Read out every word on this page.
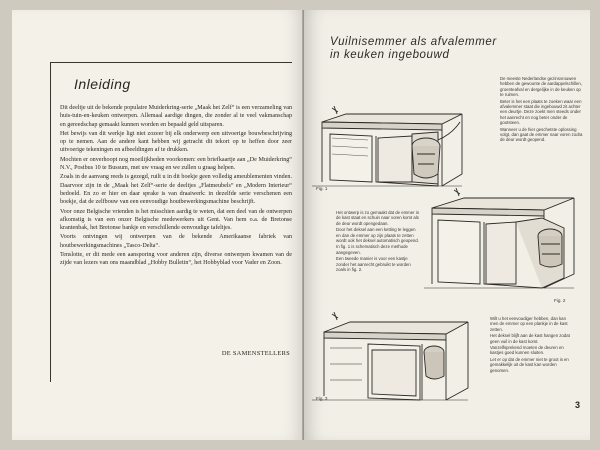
Inleiding

Dit deeltje uit de bekende populaire Muiderkring-serie „Maak het Zelf“ is een verzameling van huis-tuin-en-keuken ontwerpen. Allemaal aardige dingen, die zonder al te veel vakmanschap en gereedschap gemaakt kunnen worden en bepaald geld uitsparen.

Het bewijs van dit werkje ligt niet zozeer bij elk onderwerp een uitvoerige bouwbeschrijving op te nemen. Aan de andere kant hebben wij getracht dit tekort op te heffen door zeer uitvoerige tekeningen en afbeeldingen af te drukken.

Mochten er onverhoopt nog moeilijkheden voorkomen: een briefkaartje aan „De Muiderkring“ N.V., Postbus 10 te Bussum, met uw vraag en we zullen u graag helpen.

Zoals in de aanvang reeds is gezegd, ruilt u in dit boekje geen volledig ameublementen vinden. Daarvoor zijn in de „Maak het Zelf“-serie de deeltjes „Flatmeubels“ en „Modern Interieur“ bedoeld. En zo er hier en daar sprake is van draaiwerk: in dezelfde serie verschenen een boekje, dat de zelfbouw van een eenvoudige houtbewerkingsmachine beschrijft.

Voor onze Belgische vrienden is het misschien aardig te weten, dat een deel van de ontwerpen afkomstig is van een onzer Belgische medewerkers uit Gent. Van hem o.a. de Bretonse krantenbak, het Bretonse bankje en verschillende eenvoudige tafeltjes.

Voorts ontvingen wij ontwerpen van de bekende Amerikaanse fabriek van houtbewerkingsmachines „Tasco-Delta“.

Tenslotte, er dit mede een aansporing voor anderen zijn, diverse ontwerpen kwamen van de zijde van lezers van ons maandblad „Hobby Bulletin“, het Hobbyblad voor Vader en Zoon.

DE SAMENSTELLERS
Vuilnisemmer als afvalemmer
in keuken ingebouwd
Fig. 1

De meeste Nederlandse gezinsvrouwen hebben de gewoonte de aardappelschillen, groenteafval en dergelijke in de keuken op te ruimen.

Beter is het een plaats te zoeken waar een afvalemmer staat die ingebouwd zit achter een deurtje. Deze zoekt men steeds onder het aanrecht en nog beter onder de gootsteen.

Wanneer u de hier geschetste oplossing volgt, dan gaat de emmer naar voren zodra de deur wordt geopend.

Het ontwerp is zo gemaakt dat de emmer in de kast staat en schuin naar voren komt als de deur wordt opengedaan.

Door het deksel aan een ketting te leggen en dan de emmer op zijn plaats te zetten wordt ook het deksel automatisch geopend.

In fig. 1 is schematisch deze methode aangegeven.

Een tweede manier is voor een kastje zonder het aanrecht gebruikt te worden zoals in fig. 2.

Fig. 2
Fig. 3

Wilt u het eenvoudiger hebben, dan kan men de emmer op een plankje in de kast zetten.

Het deksel blijft aan de kast hangen zodat geen vuil in de kast komt.

Vanzelfsprekend moeten de deuren en kastjes goed kunnen sluiten.

Let er op dat de emmer niet te groot is en gemakkelijk uit de kast kan worden genomen.

3
